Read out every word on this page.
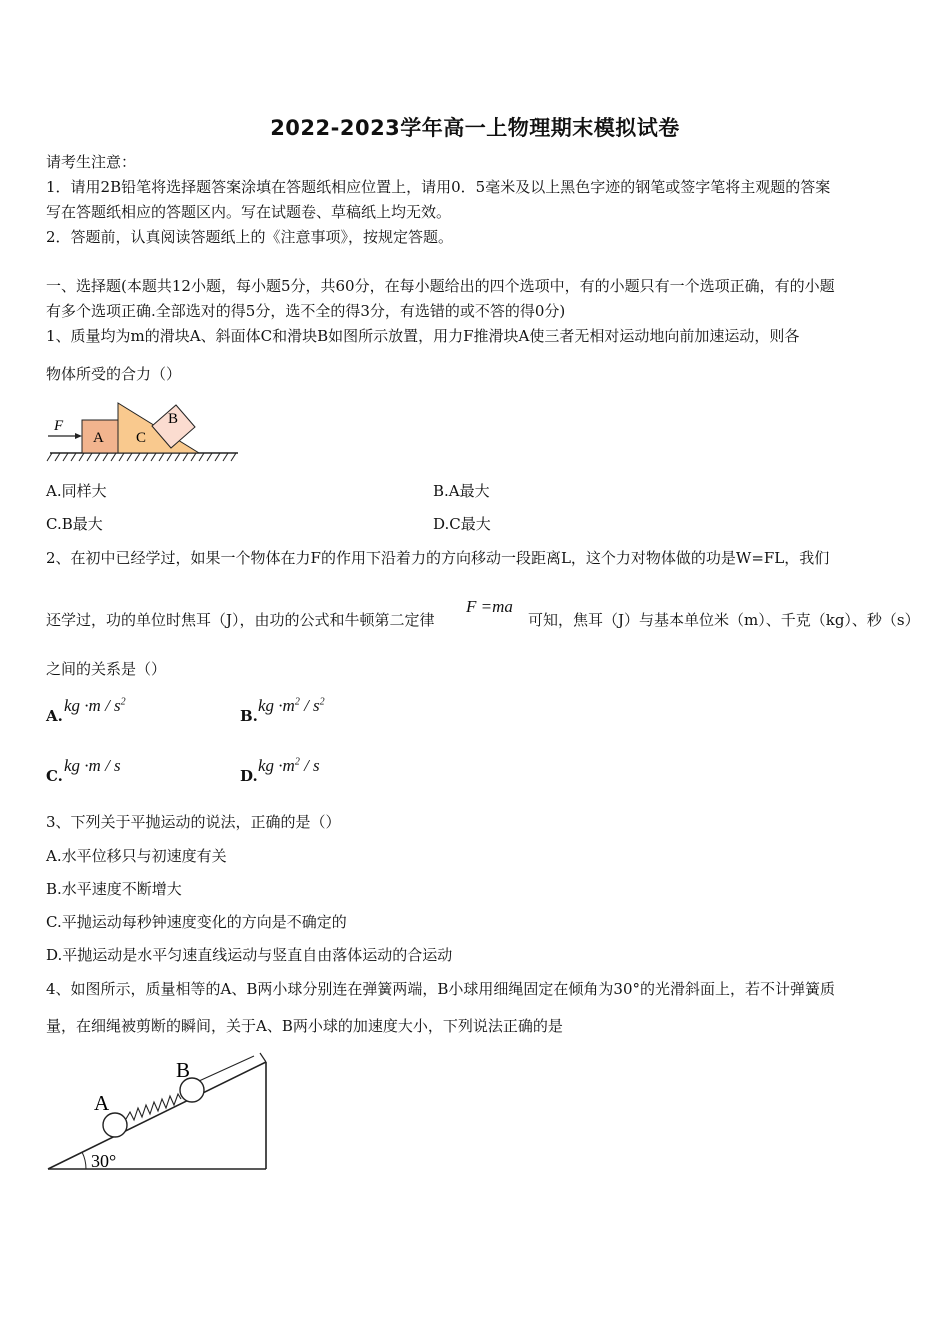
2022-2023学年高一上物理期末模拟试卷
请考生注意：
1．请用2B铅笔将选择题答案涂填在答题纸相应位置上，请用0．5毫米及以上黑色字迹的钢笔或签字笔将主观题的答案
写在答题纸相应的答题区内。写在试题卷、草稿纸上均无效。
2．答题前，认真阅读答题纸上的《注意事项》，按规定答题。
一、选择题(本题共12小题，每小题5分，共60分，在每小题给出的四个选项中，有的小题只有一个选项正确，有的小题
有多个选项正确.全部选对的得5分，选不全的得3分，有选错的或不答的得0分)
1、质量均为m的滑块A、斜面体C和滑块B如图所示放置，用力F推滑块A使三者无相对运动地向前加速运动，则各
物体所受的合力（）
F
A C
B
A.同样大	B.A最大
C.B最大	D.C最大
2、在初中已经学过，如果一个物体在力F的作用下沿着力的方向移动一段距离L，这个力对物体做的功是W=FL，我们
还学过，功的单位时焦耳（J），由功的公式和牛顿第二定律
F =ma
可知，焦耳（J）与基本单位米（m）、千克（kg）、秒（s）
之间的关系是（）
A.
kg $\cdot m / s^2$
B.
kg $\cdot m^2 / s^2$
C.
kg ·m / s
D.
kg $\cdot m^2 / s$
3、下列关于平抛运动的说法，正确的是（）
A.水平位移只与初速度有关
B.水平速度不断增大
C.平抛运动每秒钟速度变化的方向是不确定的
D.平抛运动是水平匀速直线运动与竖直自由落体运动的合运动
4、如图所示，质量相等的A、B两小球分别连在弹簧两端，B小球用细绳固定在倾角为30°的光滑斜面上，若不计弹簧质
量，在细绳被剪断的瞬间，关于A、B两小球的加速度大小，下列说法正确的是
A
B
30°
